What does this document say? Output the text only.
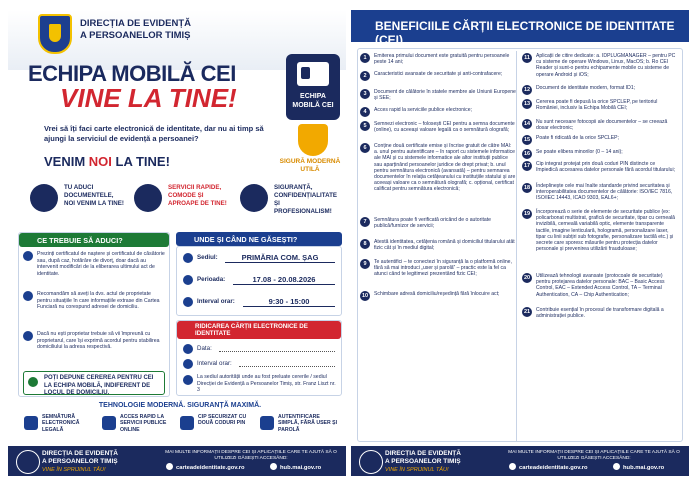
DIRECȚIA DE EVIDENȚĂ
A PERSOANELOR TIMIȘ
ECHIPA MOBILĂ CEI
VINE LA TINE!	ECHIPA MOBILĂ CEI
SIGURĂ MODERNĂ UTILĂ
Vrei să îți faci carte electronică de identitate, dar nu ai timp să ajungi la serviciul de evidență a persoanei?
VENIM NOI LA TINE!
TU ADUCI DOCUMENTELE, NOI VENIM LA TINE!
SERVICII RAPIDE, COMODE ȘI APROAPE DE TINE!
SIGURANȚĂ, CONFIDENȚIALITATE ȘI PROFESIONALISM!
CE TREBUIE SĂ ADUCI?
Prezinți certificatul de naștere și certificatul de căsătorie sau, după caz, hotărâre de divorț, doar dacă au intervenit modificări de la eliberarea ultimului act de identitate.
Recomandăm să aveți la dvs. actul de proprietate pentru situațiile în care informațiile extrase din Cartea Funciară nu corespund adresei de domiciliu.
Dacă nu ești proprietar trebuie să vii împreună cu proprietarul, care își exprimă acordul pentru stabilirea domiciliului la adresa respectivă.
POȚI DEPUNE CEREREA PENTRU CEI LA ECHIPA MOBILĂ, INDIFERENT DE LOCUL DE DOMICILIU.
UNDE ȘI CÂND NE GĂSEȘTI?
Sediul:	PRIMĂRIA COM. ȘAG
Perioada:	17.08 - 20.08.2026
Interval orar:	9:30 - 15:00
RIDICAREA CĂRȚII ELECTRONICE DE IDENTITATE
Data:
Interval orar:
La sediul autorității unde au fost preluate cererile / sediul Direcției de Evidență a Persoanelor Timiș, str. Franz Liszt nr. 3
TEHNOLOGIE MODERNĂ. SIGURANȚĂ MAXIMĂ.
SEMNĂTURĂ ELECTRONICĂ LEGALĂ
ACCES RAPID LA SERVICII PUBLICE ONLINE
CIP SECURIZAT CU DOUĂ CODURI PIN
AUTENTIFICARE SIMPLĂ, FĂRĂ USER ȘI PAROLĂ
DIRECȚIA DE EVIDENȚĂ
A PERSOANELOR TIMIȘ
VINE ÎN SPRIJINUL TĂU!
MAI MULTE INFORMAȚII DESPRE CEI ȘI APLICAȚIILE CARE TE AJUTĂ SĂ O UTILIZEZI GĂSEȘTI ACCESÂND:
carteadeidentitate.gov.ro	hub.mai.gov.ro
BENEFICIILE CĂRȚII ELECTRONICE DE IDENTITATE (CEI)
1	Emiterea primului document este gratuită pentru persoanele peste 14 ani;
2	Caracteristici avansate de securitate și anti-contrafacere;
3	Document de călătorie în statele membre ale Uniunii Europene și SEE;
4	Acces rapid la serviciile publice electronice;
5	Semnezi electronic – folosești CEI pentru a semna documente (online), cu aceeași valoare legală ca o semnătură olografă;
6	Conține două certificate emise și încrise gratuit de către MAI: a. unul pentru autentificare – în raport cu sistemele informatice ale MAI și cu sistemele informatice ale altor instituții publice sau aparținând persoanelor juridice de drept privat; b. unul pentru semnătura electronică (avansată) – pentru semnarea documentelor în relația cetățeanului cu instituțiile statului și are aceeași valoare ca o semnătură olografă; c. opțional, certificat calificat pentru semnătura electronică;
7	Semnătura poate fi verificată oricând de o autoritate publică/furnizor de servicii;
8	Atestă identitatea, cetățenia română și domiciliul titularului atât fizic cât și în mediul digital;
9	Te autentifici – te conectezi în siguranță la o platformă online, fără să mai introduci „user și parolă” – practic este la fel ca atunci când te legitimezi prezentând fizic CEI;
10	Schimbare adresă domiciliu/reședință fără înlocuire act;
11	Aplicații de citire dedicate: a. IDPLUGMANAGER – pentru PC cu sisteme de operare Windows, Linux, MacOS; b. Ro CEI Reader și sunt-o pentru echipamente mobile cu sisteme de operare Android și iOS;
12	Document de identitate modern, format ID1;
13	Cererea poate fi depusă la orice SPCLEP, pe teritoriul României, inclusiv la Echipa Mobilă CEI;
14	Nu sunt necesare fotocopii ale documentelor – se creează dosar electronic;
15	Poate fi ridicată de la orice SPCLEP;
16	Se poate elibera minorilor (0 – 14 ani);
17	Cip integrat protejat prin două coduri PIN distincte ce împiedică accesarea datelor personale fără acordul titularului;
18	Îndeplinește cele mai înalte standarde privind securitatea și interoperabilitatea documentelor de călătorie: ISO/IEC 7816, ISO/IEC 14443, ICAO 9303, EAL6+;
19	Încorporează o serie de elemente de securitate publice (ex: policarbonat multistrat, grafică de securitate, tipar cu cerneală invizibilă, cerneală variabilă optic, elemente transparente tactile, imagine lenticulară, hologramă, personalizare laser, tipar cu linii subțiri sub fotografie, personalizare tactilă etc.) și secrete care sporesc măsurile pentru protecția datelor personale și prevenirea utilizării frauduloase;
20	Utilizează tehnologii avansate (protocoale de securitate) pentru protejarea datelor personale: BAC – Basic Access Control, EAC – Extended Access Control, TA – Terminal Authentication, CA – Chip Authentication;
21	Contribuie esențial în procesul de transformare digitală a administrației publice.
DIRECȚIA DE EVIDENȚĂ
A PERSOANELOR TIMIȘ
VINE ÎN SPRIJINUL TĂU!
MAI MULTE INFORMAȚII DESPRE CEI ȘI APLICAȚIILE CARE TE AJUTĂ SĂ O UTILIZEZI GĂSEȘTI ACCESÂND:
carteadeidentitate.gov.ro	hub.mai.gov.ro
